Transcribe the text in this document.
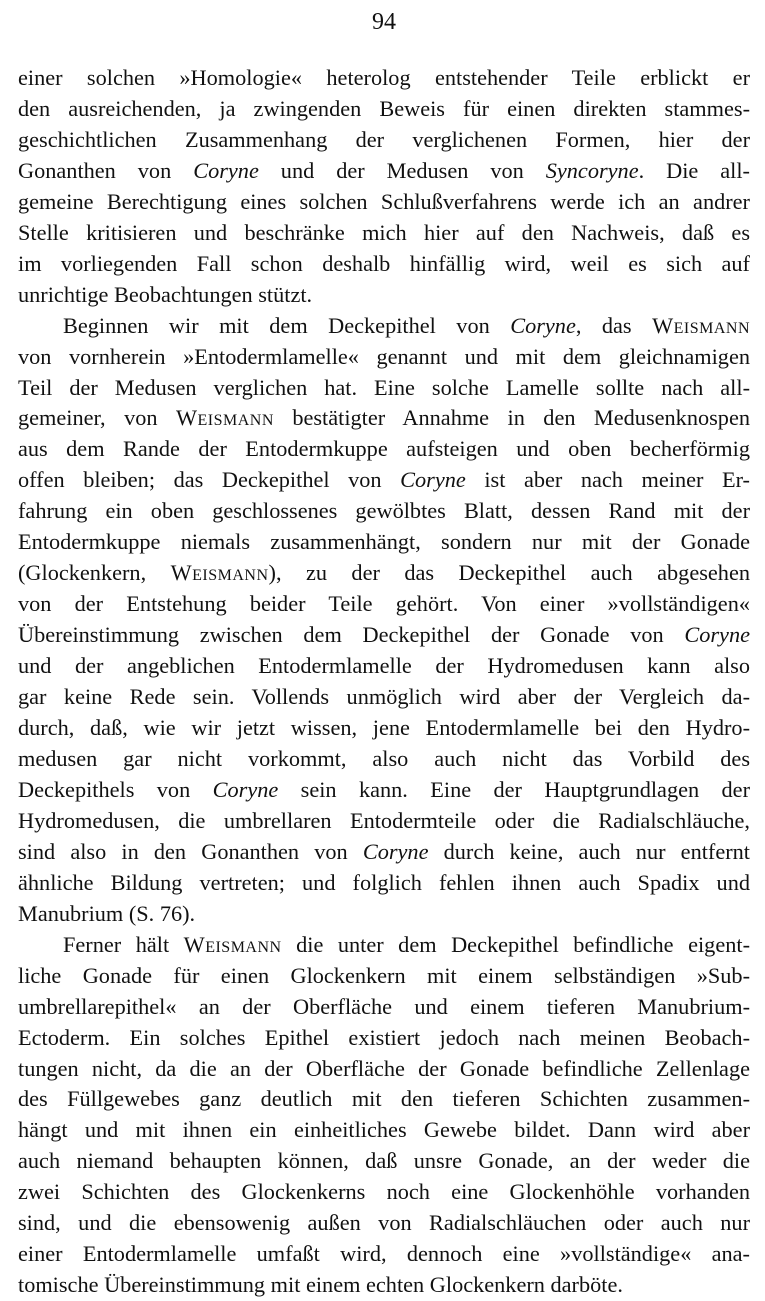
94
einer solchen »Homologie« heterolog entstehender Teile erblickt er
den ausreichenden, ja zwingenden Beweis für einen direkten stammes-
geschichtlichen Zusammenhang der verglichenen Formen, hier der
Gonanthen von Coryne und der Medusen von Syncoryne. Die all-
gemeine Berechtigung eines solchen Schlußverfahrens werde ich an andrer
Stelle kritisieren und beschränke mich hier auf den Nachweis, daß es
im vorliegenden Fall schon deshalb hinfällig wird, weil es sich auf
unrichtige Beobachtungen stützt.
Beginnen wir mit dem Deckepithel von Coryne, das Weismann
von vornherein »Entodermlamelle« genannt und mit dem gleichnamigen
Teil der Medusen verglichen hat. Eine solche Lamelle sollte nach all-
gemeiner, von Weismann bestätigter Annahme in den Medusenknospen
aus dem Rande der Entodermkuppe aufsteigen und oben becherförmig
offen bleiben; das Deckepithel von Coryne ist aber nach meiner Er-
fahrung ein oben geschlossenes gewölbtes Blatt, dessen Rand mit der
Entodermkuppe niemals zusammenhängt, sondern nur mit der Gonade
(Glockenkern, Weismann), zu der das Deckepithel auch abgesehen
von der Entstehung beider Teile gehört. Von einer »vollständigen«
Übereinstimmung zwischen dem Deckepithel der Gonade von Coryne
und der angeblichen Entodermlamelle der Hydromedusen kann also
gar keine Rede sein. Vollends unmöglich wird aber der Vergleich da-
durch, daß, wie wir jetzt wissen, jene Entodermlamelle bei den Hydro-
medusen gar nicht vorkommt, also auch nicht das Vorbild des
Deckepithels von Coryne sein kann. Eine der Hauptgrundlagen der
Hydromedusen, die umbrellaren Entodermteile oder die Radialschläuche,
sind also in den Gonanthen von Coryne durch keine, auch nur entfernt
ähnliche Bildung vertreten; und folglich fehlen ihnen auch Spadix und
Manubrium (S. 76).
Ferner hält Weismann die unter dem Deckepithel befindliche eigent-
liche Gonade für einen Glockenkern mit einem selbständigen »Sub-
umbrellarepithel« an der Oberfläche und einem tieferen Manubrium-
Ectoderm. Ein solches Epithel existiert jedoch nach meinen Beobach-
tungen nicht, da die an der Oberfläche der Gonade befindliche Zellenlage
des Füllgewebes ganz deutlich mit den tieferen Schichten zusammen-
hängt und mit ihnen ein einheitliches Gewebe bildet. Dann wird aber
auch niemand behaupten können, daß unsre Gonade, an der weder die
zwei Schichten des Glockenkerns noch eine Glockenhöhle vorhanden
sind, und die ebensowenig außen von Radialschläuchen oder auch nur
einer Entodermlamelle umfaßt wird, dennoch eine »vollständige« ana-
tomische Übereinstimmung mit einem echten Glockenkern darböte.
